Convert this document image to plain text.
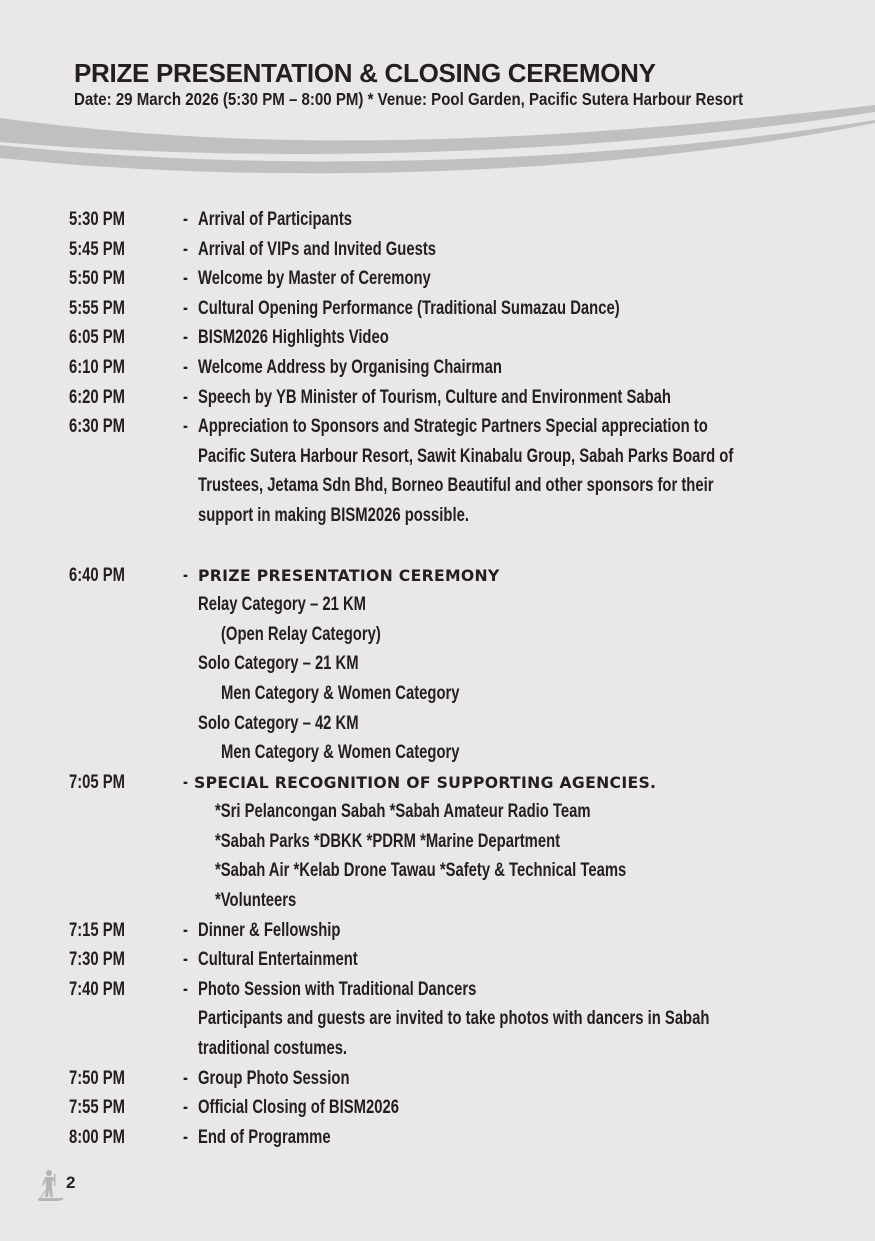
PRIZE PRESENTATION & CLOSING CEREMONY

Date: 29 March 2026 (5:30 PM – 8:00 PM) * Venue: Pool Garden, Pacific Sutera Harbour Resort

5:30 PM	- Arrival of Participants
5:45 PM	- Arrival of VIPs and Invited Guests
5:50 PM	- Welcome by Master of Ceremony
5:55 PM	- Cultural Opening Performance (Traditional Sumazau Dance)
6:05 PM	- BISM2026 Highlights Video
6:10 PM	- Welcome Address by Organising Chairman
6:20 PM	- Speech by YB Minister of Tourism, Culture and Environment Sabah
6:30 PM	- Appreciation to Sponsors and Strategic Partners Special appreciation to
Pacific Sutera Harbour Resort, Sawit Kinabalu Group, Sabah Parks Board of
Trustees, Jetama Sdn Bhd, Borneo Beautiful and other sponsors for their
support in making BISM2026 possible.
6:40 PM	- PRIZE PRESENTATION CEREMONY
Relay Category – 21 KM
(Open Relay Category)
Solo Category – 21 KM
Men Category & Women Category
Solo Category – 42 KM
Men Category & Women Category
7:05 PM	- SPECIAL RECOGNITION OF SUPPORTING AGENCIES.
*Sri Pelancongan Sabah *Sabah Amateur Radio Team
*Sabah Parks *DBKK *PDRM *Marine Department
*Sabah Air *Kelab Drone Tawau *Safety & Technical Teams
*Volunteers
7:15 PM	- Dinner & Fellowship
7:30 PM	- Cultural Entertainment
7:40 PM	- Photo Session with Traditional Dancers
Participants and guests are invited to take photos with dancers in Sabah
traditional costumes.
7:50 PM	- Group Photo Session
7:55 PM	- Official Closing of BISM2026
8:00 PM	- End of Programme
2
